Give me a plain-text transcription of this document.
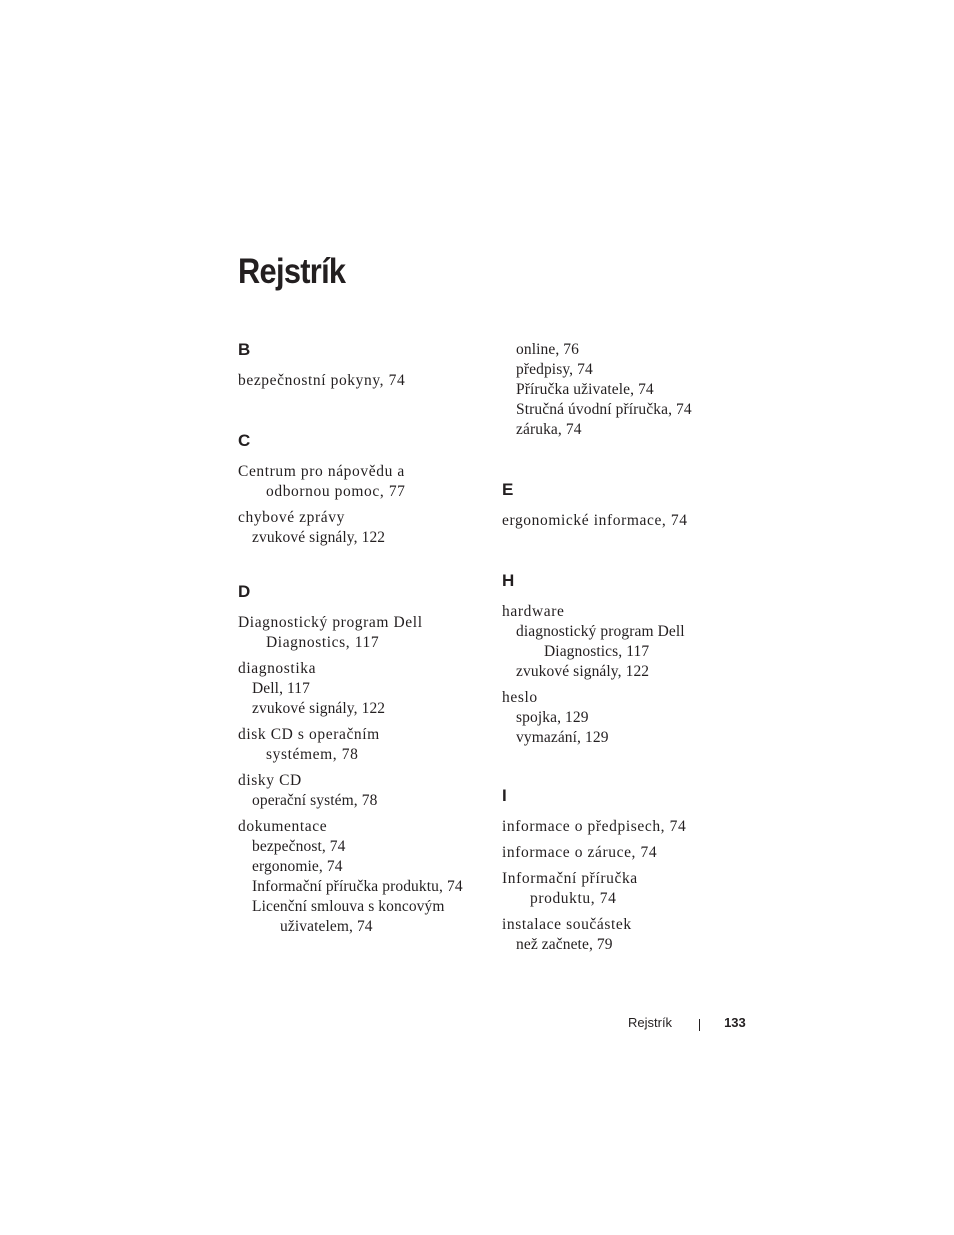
Rejstrík
B
bezpečnostní pokyny, 74
C
Centrum pro nápovědu a
odbornou pomoc, 77
chybové zprávy
zvukové signály, 122
D
Diagnostický program Dell
Diagnostics, 117
diagnostika
Dell, 117
zvukové signály, 122
disk CD s operačním
systémem, 78
disky CD
operační systém, 78
dokumentace
bezpečnost, 74
ergonomie, 74
Informační příručka produktu, 74
Licenční smlouva s koncovým
uživatelem, 74
online, 76
předpisy, 74
Příručka uživatele, 74
Stručná úvodní příručka, 74
záruka, 74
E
ergonomické informace, 74
H
hardware
diagnostický program Dell
Diagnostics, 117
zvukové signály, 122
heslo
spojka, 129
vymazání, 129
I
informace o předpisech, 74
informace o záruce, 74
Informační příručka
produktu, 74
instalace součástek
než začnete, 79
Rejstrík	133
